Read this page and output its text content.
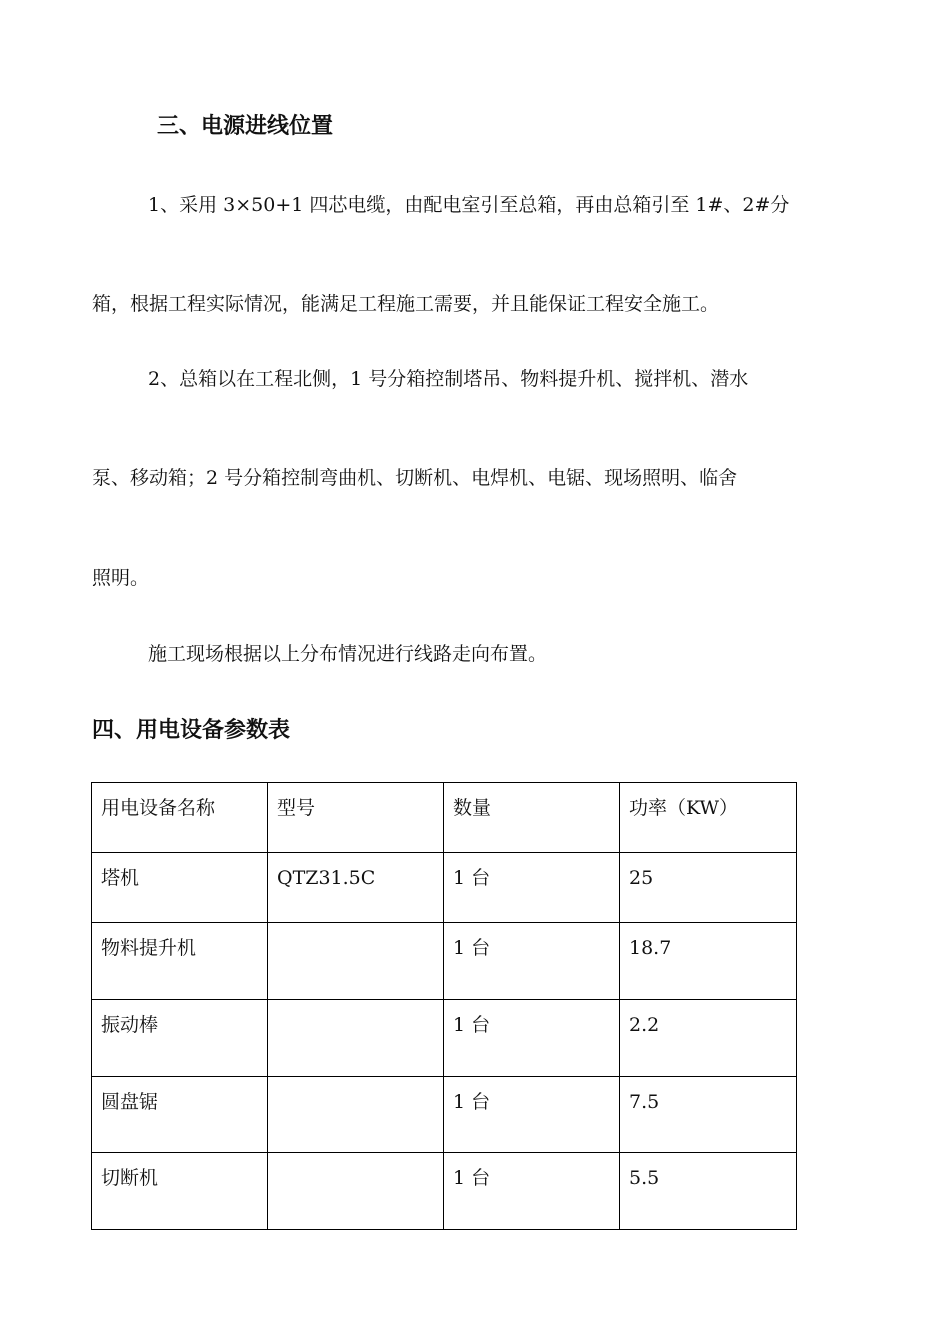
三、电源进线位置
1、采用 3×50+1 四芯电缆，由配电室引至总箱，再由总箱引至 1#、2#分
箱，根据工程实际情况，能满足工程施工需要，并且能保证工程安全施工。
2、总箱以在工程北侧，1 号分箱控制塔吊、物料提升机、搅拌机、潜水
泵、移动箱；2 号分箱控制弯曲机、切断机、电焊机、电锯、现场照明、临舍
照明。
施工现场根据以上分布情况进行线路走向布置。
四、用电设备参数表
用电设备名称	型号	数量	功率（KW）
塔机	QTZ31.5C	1 台	25
物料提升机		1 台	18.7
振动棒		1 台	2.2
圆盘锯		1 台	7.5
切断机		1 台	5.5
